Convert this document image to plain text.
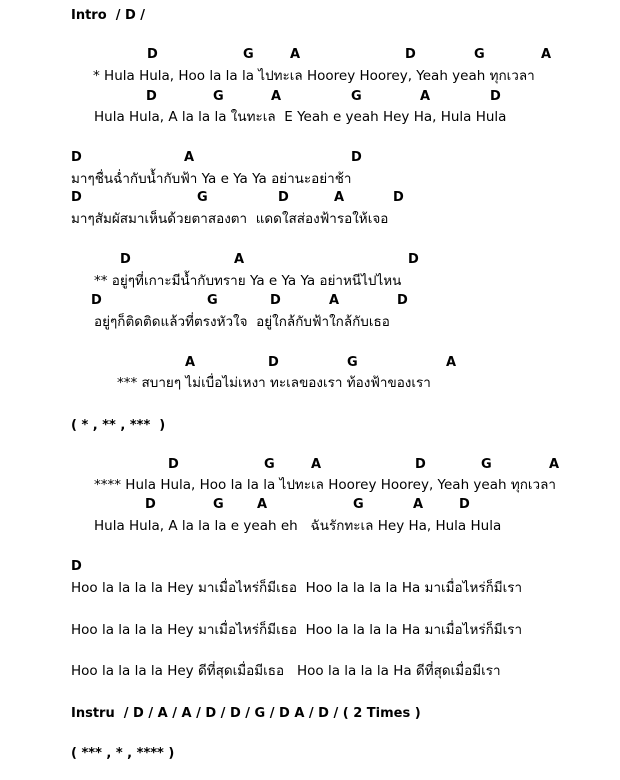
Intro  / D /
D	G	A	D	G	A
* Hula Hula, Hoo la la la ไปทะเล Hoorey Hoorey, Yeah yeah ทุกเวลา
D	G	A	G	A	D
Hula Hula, A la la la ในทะเล  E Yeah e yeah Hey Ha, Hula Hula
D	A	D
มาๆชื่นฉ่ำกับน้ำกับฟ้า Ya e Ya Ya อย่านะอย่าช้า
D	G	D	A	D
มาๆสัมผัสมาเห็นด้วยตาสองตา  แดดใสส่องฟ้ารอให้เจอ
D	A	D
** อยู่ๆที่เกาะมีน้ำกับทราย Ya e Ya Ya อย่าหนีไปไหน
D	G	D	A	D
อยู่ๆก็ติดติดแล้วที่ตรงหัวใจ  อยู่ใกล้กับฟ้าใกล้กับเธอ
A	D	G	A
*** สบายๆ ไม่เบื่อไม่เหงา ทะเลของเรา ท้องฟ้าของเรา
( * , ** , ***  )
D	G	A	D	G	A
**** Hula Hula, Hoo la la la ไปทะเล Hoorey Hoorey, Yeah yeah ทุกเวลา
D	G	A	G	A	D
Hula Hula, A la la la e yeah eh   ฉันรักทะเล Hey Ha, Hula Hula
D
Hoo la la la la Hey มาเมื่อไหร่ก็มีเธอ  Hoo la la la la Ha มาเมื่อไหร่ก็มีเรา
Hoo la la la la Hey มาเมื่อไหร่ก็มีเธอ  Hoo la la la la Ha มาเมื่อไหร่ก็มีเรา
Hoo la la la la Hey ดีที่สุดเมื่อมีเธอ   Hoo la la la la Ha ดีที่สุดเมื่อมีเรา
Instru  / D / A / A / D / D / G / D A / D / ( 2 Times )
( *** , * , **** )
